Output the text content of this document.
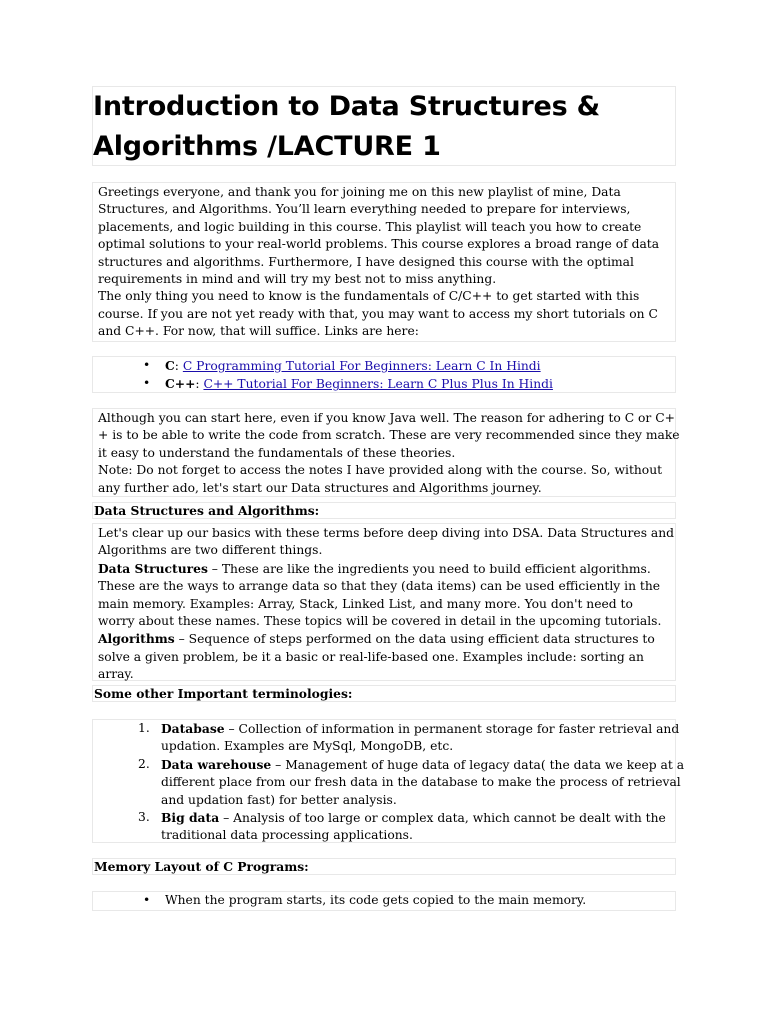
Introduction to Data Structures &
Algorithms /LACTURE 1
Greetings everyone, and thank you for joining me on this new playlist of mine, Data
Structures, and Algorithms. You’ll learn everything needed to prepare for interviews,
placements, and logic building in this course. This playlist will teach you how to create
optimal solutions to your real-world problems. This course explores a broad range of data
structures and algorithms. Furthermore, I have designed this course with the optimal
requirements in mind and will try my best not to miss anything.
The only thing you need to know is the fundamentals of C/C++ to get started with this
course. If you are not yet ready with that, you may want to access my short tutorials on C
and C++. For now, that will suffice. Links are here:
• C: C Programming Tutorial For Beginners: Learn C In Hindi
• C++: C++ Tutorial For Beginners: Learn C Plus Plus In Hindi
Although you can start here, even if you know Java well. The reason for adhering to C or C+
+ is to be able to write the code from scratch. These are very recommended since they make
it easy to understand the fundamentals of these theories.
Note: Do not forget to access the notes I have provided along with the course. So, without
any further ado, let's start our Data structures and Algorithms journey.
Data Structures and Algorithms:
Let's clear up our basics with these terms before deep diving into DSA. Data Structures and
Algorithms are two different things.
Data Structures – These are like the ingredients you need to build efficient algorithms.
These are the ways to arrange data so that they (data items) can be used efficiently in the
main memory. Examples: Array, Stack, Linked List, and many more. You don't need to
worry about these names. These topics will be covered in detail in the upcoming tutorials.
Algorithms – Sequence of steps performed on the data using efficient data structures to
solve a given problem, be it a basic or real-life-based one. Examples include: sorting an
array.
Some other Important terminologies:
1. Database – Collection of information in permanent storage for faster retrieval and
updation. Examples are MySql, MongoDB, etc.
2. Data warehouse – Management of huge data of legacy data( the data we keep at a
different place from our fresh data in the database to make the process of retrieval
and updation fast) for better analysis.
3. Big data – Analysis of too large or complex data, which cannot be dealt with the
traditional data processing applications.
Memory Layout of C Programs:
• When the program starts, its code gets copied to the main memory.
